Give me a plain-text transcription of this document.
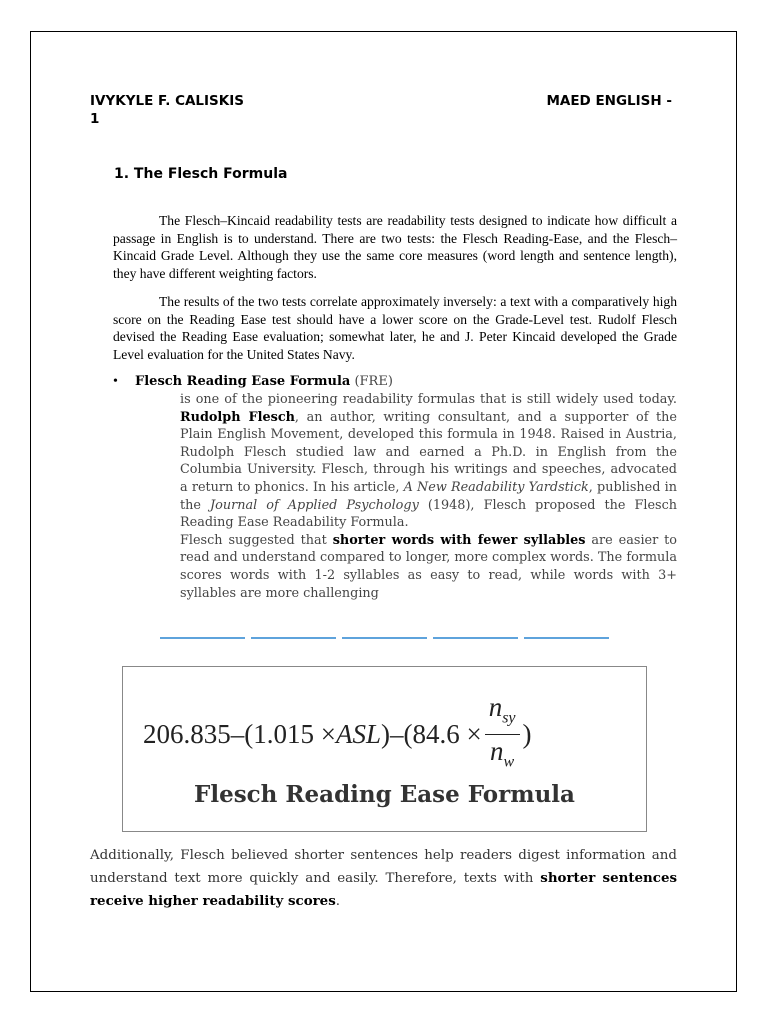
IVYKYLE F. CALISKIS	MAED ENGLISH -
1
1. The Flesch Formula

The Flesch–Kincaid readability tests are readability tests designed to indicate how difficult a passage in English is to understand. There are two tests: the Flesch Reading-Ease, and the Flesch–Kincaid Grade Level. Although they use the same core measures (word length and sentence length), they have different weighting factors.

The results of the two tests correlate approximately inversely: a text with a comparatively high score on the Reading Ease test should have a lower score on the Grade-Level test. Rudolf Flesch devised the Reading Ease evaluation; somewhat later, he and J. Peter Kincaid developed the Grade Level evaluation for the United States Navy.

• Flesch Reading Ease Formula (FRE)

is one of the pioneering readability formulas that is still widely used today. Rudolph Flesch, an author, writing consultant, and a supporter of the Plain English Movement, developed this formula in 1948. Raised in Austria, Rudolph Flesch studied law and earned a Ph.D. in English from the Columbia University. Flesch, through his writings and speeches, advocated a return to phonics. In his article, A New Readability Yardstick, published in the Journal of Applied Psychology (1948), Flesch proposed the Flesch Reading Ease Readability Formula.

Flesch suggested that shorter words with fewer syllables are easier to read and understand compared to longer, more complex words. The formula scores words with 1-2 syllables as easy to read, while words with 3+ syllables are more challenging

206.835–(1.015 × ASL )$-(84.6 \times \frac{n_{sy}}{n_w}$ )
Flesch Reading Ease Formula

Additionally, Flesch believed shorter sentences help readers digest information and understand text more quickly and easily. Therefore, texts with shorter sentences receive higher readability scores.
